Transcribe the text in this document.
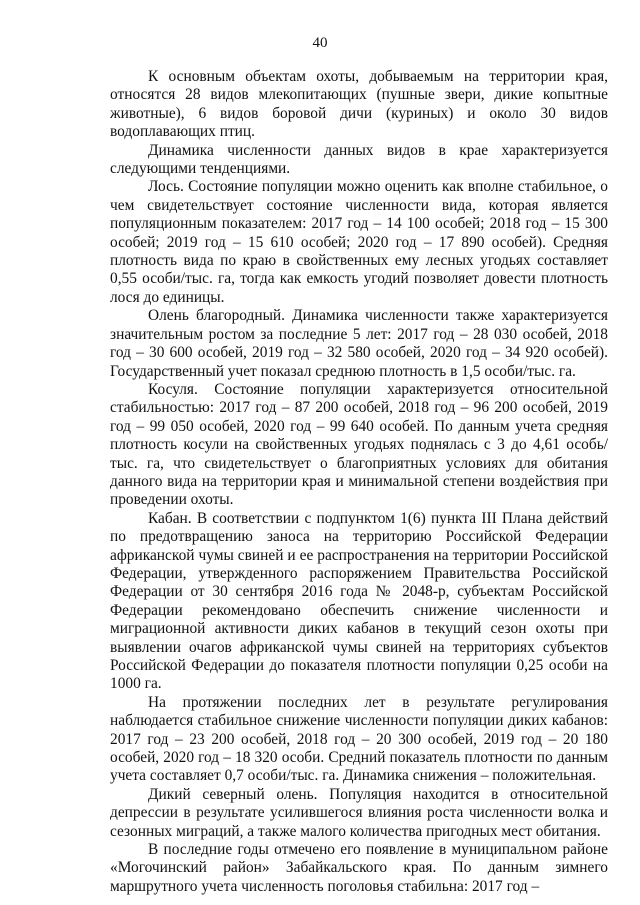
40

К основным объектам охоты, добываемым на территории края, относятся 28 видов млекопитающих (пушные звери, дикие копытные животные), 6 видов боровой дичи (куриных) и около 30 видов водоплавающих птиц.

Динамика численности данных видов в крае характеризуется следующими тенденциями.

Лось. Состояние популяции можно оценить как вполне стабильное, о чем свидетельствует состояние численности вида, которая является популяционным показателем: 2017 год – 14 100 особей; 2018 год – 15 300 особей; 2019 год – 15 610 особей; 2020 год – 17 890 особей). Средняя плотность вида по краю в свойственных ему лесных угодьях составляет 0,55 особи/тыс. га, тогда как емкость угодий позволяет довести плотность лося до единицы.

Олень благородный. Динамика численности также характеризуется значительным ростом за последние 5 лет: 2017 год – 28 030 особей, 2018 год – 30 600 особей, 2019 год – 32 580 особей, 2020 год – 34 920 особей). Государственный учет показал среднюю плотность в 1,5 особи/тыс. га.

Косуля. Состояние популяции характеризуется относительной стабильностью: 2017 год – 87 200 особей, 2018 год – 96 200 особей, 2019 год – 99 050 особей, 2020 год – 99 640 особей. По данным учета средняя плотность косули на свойственных угодьях поднялась с 3 до 4,61 особь/тыс. га, что свидетельствует о благоприятных условиях для обитания данного вида на территории края и минимальной степени воздействия при проведении охоты.

Кабан. В соответствии с подпунктом 1(6) пункта III Плана действий по предотвращению заноса на территорию Российской Федерации африканской чумы свиней и ее распространения на территории Российской Федерации, утвержденного распоряжением Правительства Российской Федерации от 30 сентября 2016 года № 2048-р, субъектам Российской Федерации рекомендовано обеспечить снижение численности и миграционной активности диких кабанов в текущий сезон охоты при выявлении очагов африканской чумы свиней на территориях субъектов Российской Федерации до показателя плотности популяции 0,25 особи на 1000 га.

На протяжении последних лет в результате регулирования наблюдается стабильное снижение численности популяции диких кабанов: 2017 год – 23 200 особей, 2018 год – 20 300 особей, 2019 год – 20 180 особей, 2020 год – 18 320 особи. Средний показатель плотности по данным учета составляет 0,7 особи/тыс. га. Динамика снижения – положительная.

Дикий северный олень. Популяция находится в относительной депрессии в результате усилившегося влияния роста численности волка и сезонных миграций, а также малого количества пригодных мест обитания.

В последние годы отмечено его появление в муниципальном районе «Могочинский район» Забайкальского края. По данным зимнего маршрутного учета численность поголовья стабильна: 2017 год –
